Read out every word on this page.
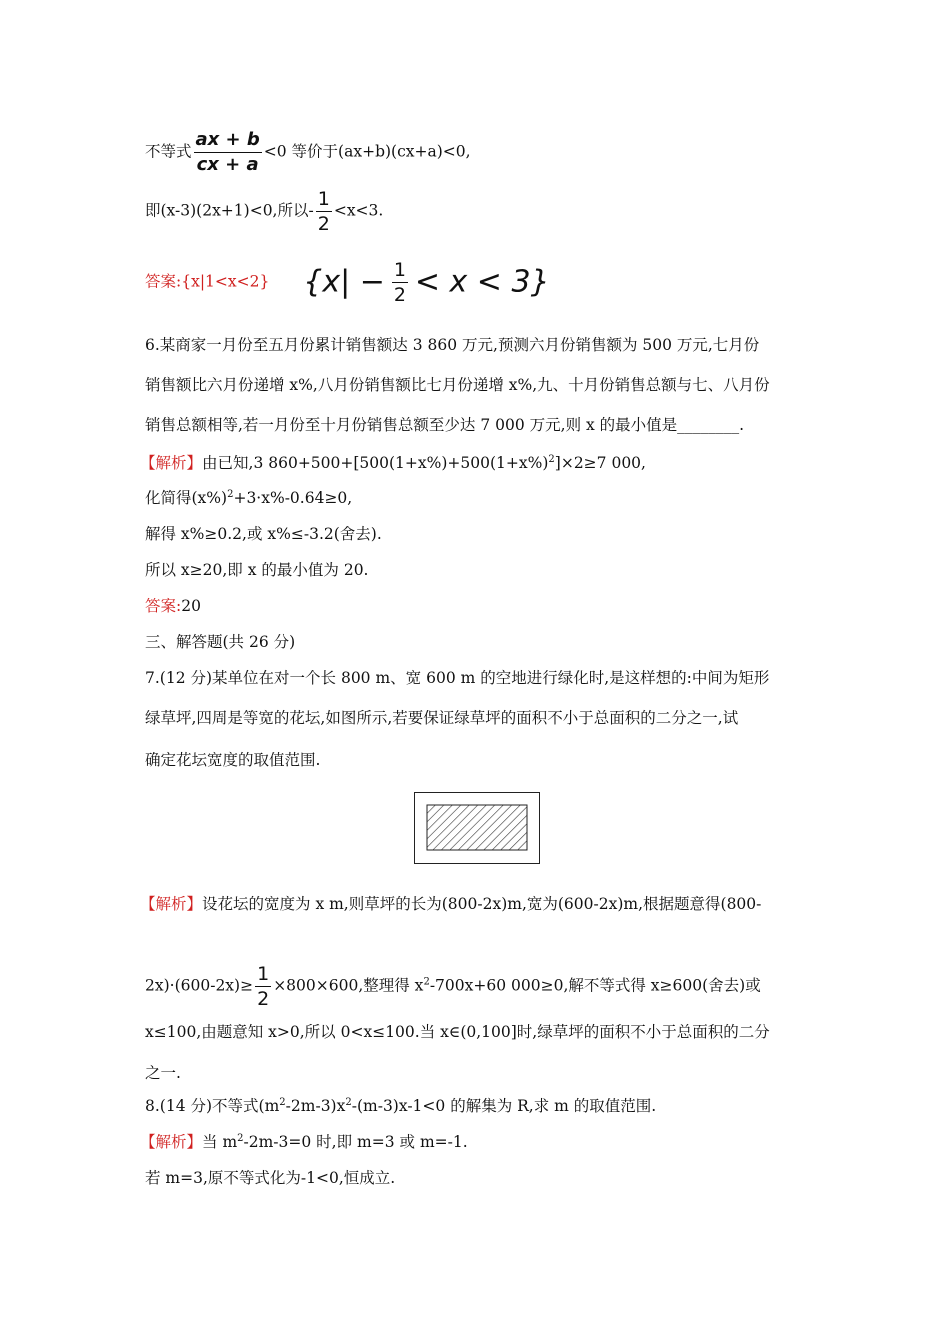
不等式 $\frac{ax + b}{cx + a} <0$ 等价于(ax+b)(cx+a)<0,
即(x-3)(2x+1)<0,所以- $\frac{1}{2} <x<3$.
答案:{x|1<x<2} $\{x| - \frac{1}{2} < x < 3\}$
6.某商家一月份至五月份累计销售额达 3 860 万元,预测六月份销售额为 500 万元,七月份
销售额比六月份递增 x%,八月份销售额比七月份递增 x%,九、十月份销售总额与七、八月份
销售总额相等,若一月份至十月份销售总额至少达 7 000 万元,则 x 的最小值是________.
【解析】由已知,3 $860+500+[500(1+x\%)+500(1+x\%)^2]\times 2\ge 7$ 000,
化简得$(x\%)^2+3\cdot x\%-0.64\ge 0$,
解得 x%≥0.2,或 x%≤-3.2(舍去).
所以 x≥20,即 x 的最小值为 20.
答案:20
三、解答题(共 26 分)
7.(12 分)某单位在对一个长 800 m、宽 600 m 的空地进行绿化时,是这样想的:中间为矩形
绿草坪,四周是等宽的花坛,如图所示,若要保证绿草坪的面积不小于总面积的二分之一,试
确定花坛宽度的取值范围.
【解析】设花坛的宽度为 x m,则草坪的长为(800-2x)m,宽为(600-2x)m,根据题意得(800-
$2x)\cdot(600-2x)\ge \frac{1}{2} \times 800\times 600$,整理得 $x^2-700x+60$ 000≥0,解不等式得 x≥600(舍去)或
x≤100,由题意知 x>0,所以 0<x≤100.当 x∈(0,100]时,绿草坪的面积不小于总面积的二分
之一.
8.(14 分)不等式$(m^2-2m-3)x^2-(m-3)x-1<0$ 的解集为 R,求 m 的取值范围.
【解析】当 $m^2-2m-3=0$ 时,即 m=3 或 m=-1.
若 m=3,原不等式化为-1<0,恒成立.
